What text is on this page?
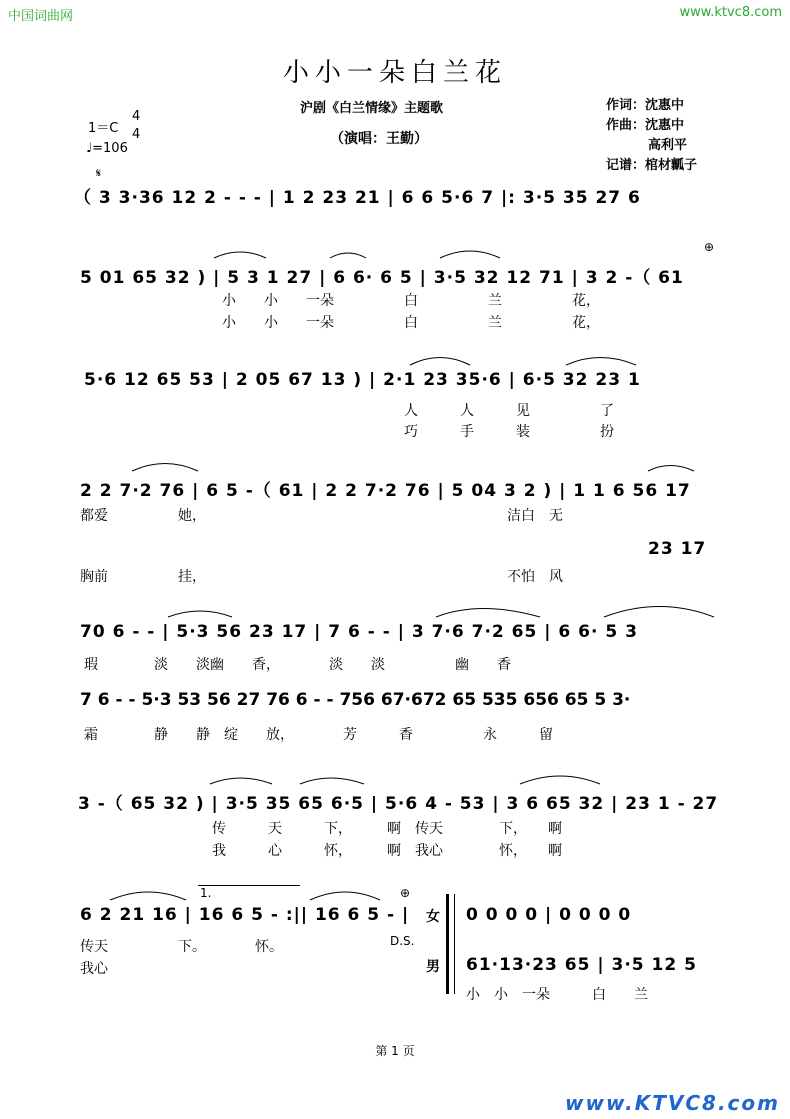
中国词曲网	www.ktvc8.com
小小一朵白兰花
沪剧《白兰情缘》主题歌
（演唱：王勤）
作词：沈惠中
作曲：沈惠中
高利平
记谱：棺材瓤子
1＝C
4
4
♩=106
𝄋
（ 3 3·36 12 2 - - - | 1 2 23 21 | 6 6 5·6 7 |: 3·5 35 27 6
5 01 65 32 ) | 5 3 1 27 | 6 6· 6 5 | 3·5 32 12 71 | 3 2 -（ 61
小　　小　　一朵　　　　　白　　　　　兰　　　　　花，
小　　小　　一朵　　　　　白　　　　　兰　　　　　花，
⊕
5·6 12 65 53 | 2 05 67 13 ) | 2·1 23 35·6 | 6·5 32 23 1
人　　　人　　　见　　　　　了
巧　　　手　　　装　　　　　扮
2 2 7·2 76 | 6 5 -（ 61 | 2 2 7·2 76 | 5 04 3 2 ) | 1 1 6 56 17
都爱　　　　　她，　　　　　　　　　　　　　　　　　　　　　　洁白　无
23 17
胸前　　　　　挂，　　　　　　　　　　　　　　　　　　　　　　不怕　风
70 6 - - | 5·3 56 23 17 | 7 6 - - | 3 7·6 7·2 65 | 6 6· 5 3
瑕　　　　淡　　淡幽　　香，　　　　淡　　淡　　　　　幽　　香
7 6 - - 5·3 53 56 27 76 6 - - 756 67·672 65 535 656 65 5 3·
霜　　　　静　　静　绽　　放，　　　　芳　　　香　　　　　永　　　留
3 -（ 65 32 ) | 3·5 35 65 6·5 | 5·6 4 - 53 | 3 6 65 32 | 23 1 - 27
传　　　天　　　下，　　　啊　传天　　　　下，　　啊
我　　　心　　　怀，　　　啊　我心　　　　怀，　　啊
6 2 21 16 | 16 6 5 - :|| 16 6 5 - |
1.	⊕
D.S.
传天　　　　　下。　　　　怀。
我心
女
男
0 0 0 0 | 0 0 0 0
61·13·23 65 | 3·5 12 5
小　小　一朵　　　白　　兰
第 1 页
www.KTVC8.com
